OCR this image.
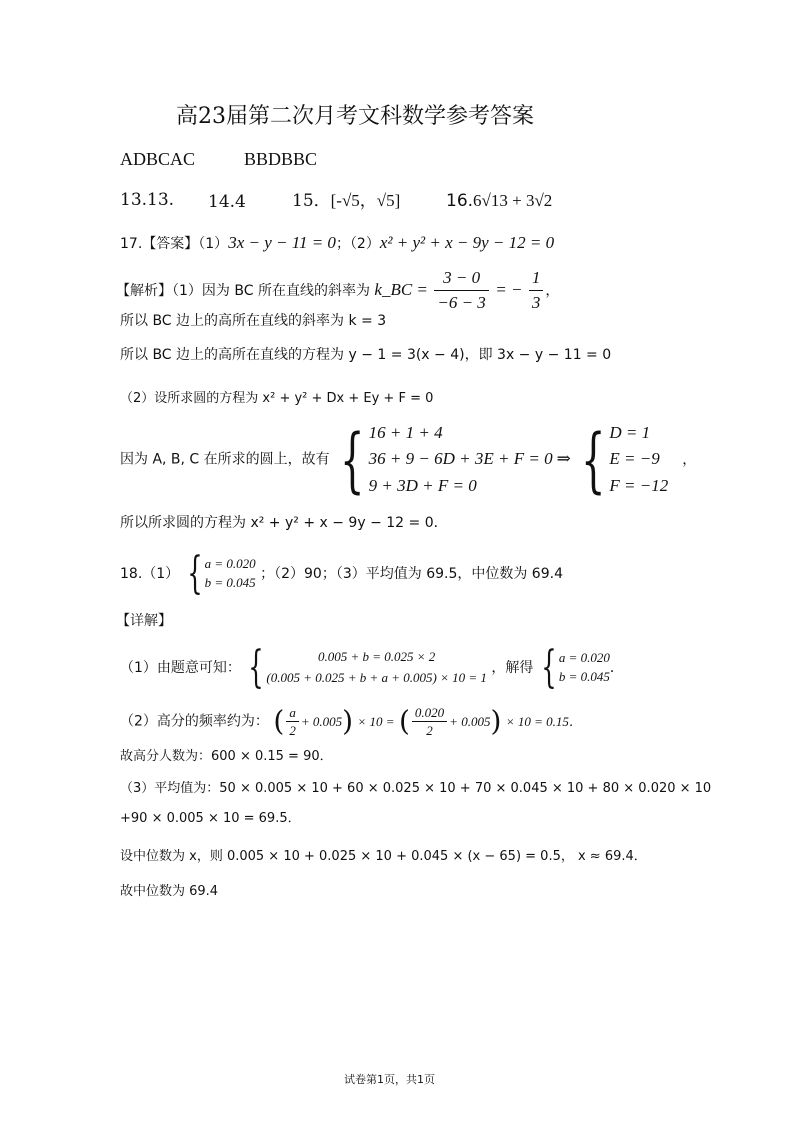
高23届第二次月考文科数学参考答案
ADBCAC	BBDBBC
13.13. 14.4	15．[-√5，√5]	16.6√13 + 3√2
17.【答案】（1）3x − y − 11 = 0；（2）x² + y² + x − 9y − 12 = 0
【解析】（1）因为 BC 所在直线的斜率为 k_BC = $\frac{3 - 0}{-6 - 3}$ = − $\frac{1}{3}$ ，
所以 BC 边上的高所在直线的斜率为 k = 3
所以 BC 边上的高所在直线的方程为 y − 1 = 3(x − 4)，即 3x − y − 11 = 0
（2）设所求圆的方程为 x² + y² + Dx + Ey + F = 0
因为 A, B, C 在所求的圆上，故有 { 16 + 1 + 4
36 + 9 − 6D + 3E + F = 0
9 + 3D + F = 0
⇒ { D = 1
E = −9
F = −12
，
所以所求圆的方程为 x² + y² + x − 9y − 12 = 0．
18.（1） { a = 0.020
b = 0.045
；（2）90；（3）平均值为 69.5，中位数为 69.4
【详解】
（1）由题意可知： {	0.005 + b = 0.025 × 2
(0.005 + 0.025 + b + a + 0.005) × 10 = 1
，解得 { a = 0.020
b = 0.045
．
（2）高分的频率约为： ( $\frac{a}{2} + 0.005) \times 10$ = ( $\frac{0.020}{2} + 0.005) \times 10 = 0.15$．
故高分人数为：600 × 0.15 = 90．
（3）平均值为：50 × 0.005 × 10 + 60 × 0.025 × 10 + 70 × 0.045 × 10 + 80 × 0.020 × 10
+90 × 0.005 × 10 = 69.5．
设中位数为 x，则 0.005 × 10 + 0.025 × 10 + 0.045 × (x − 65) = 0.5， x ≈ 69.4．
故中位数为 69.4
试卷第1页，共1页
